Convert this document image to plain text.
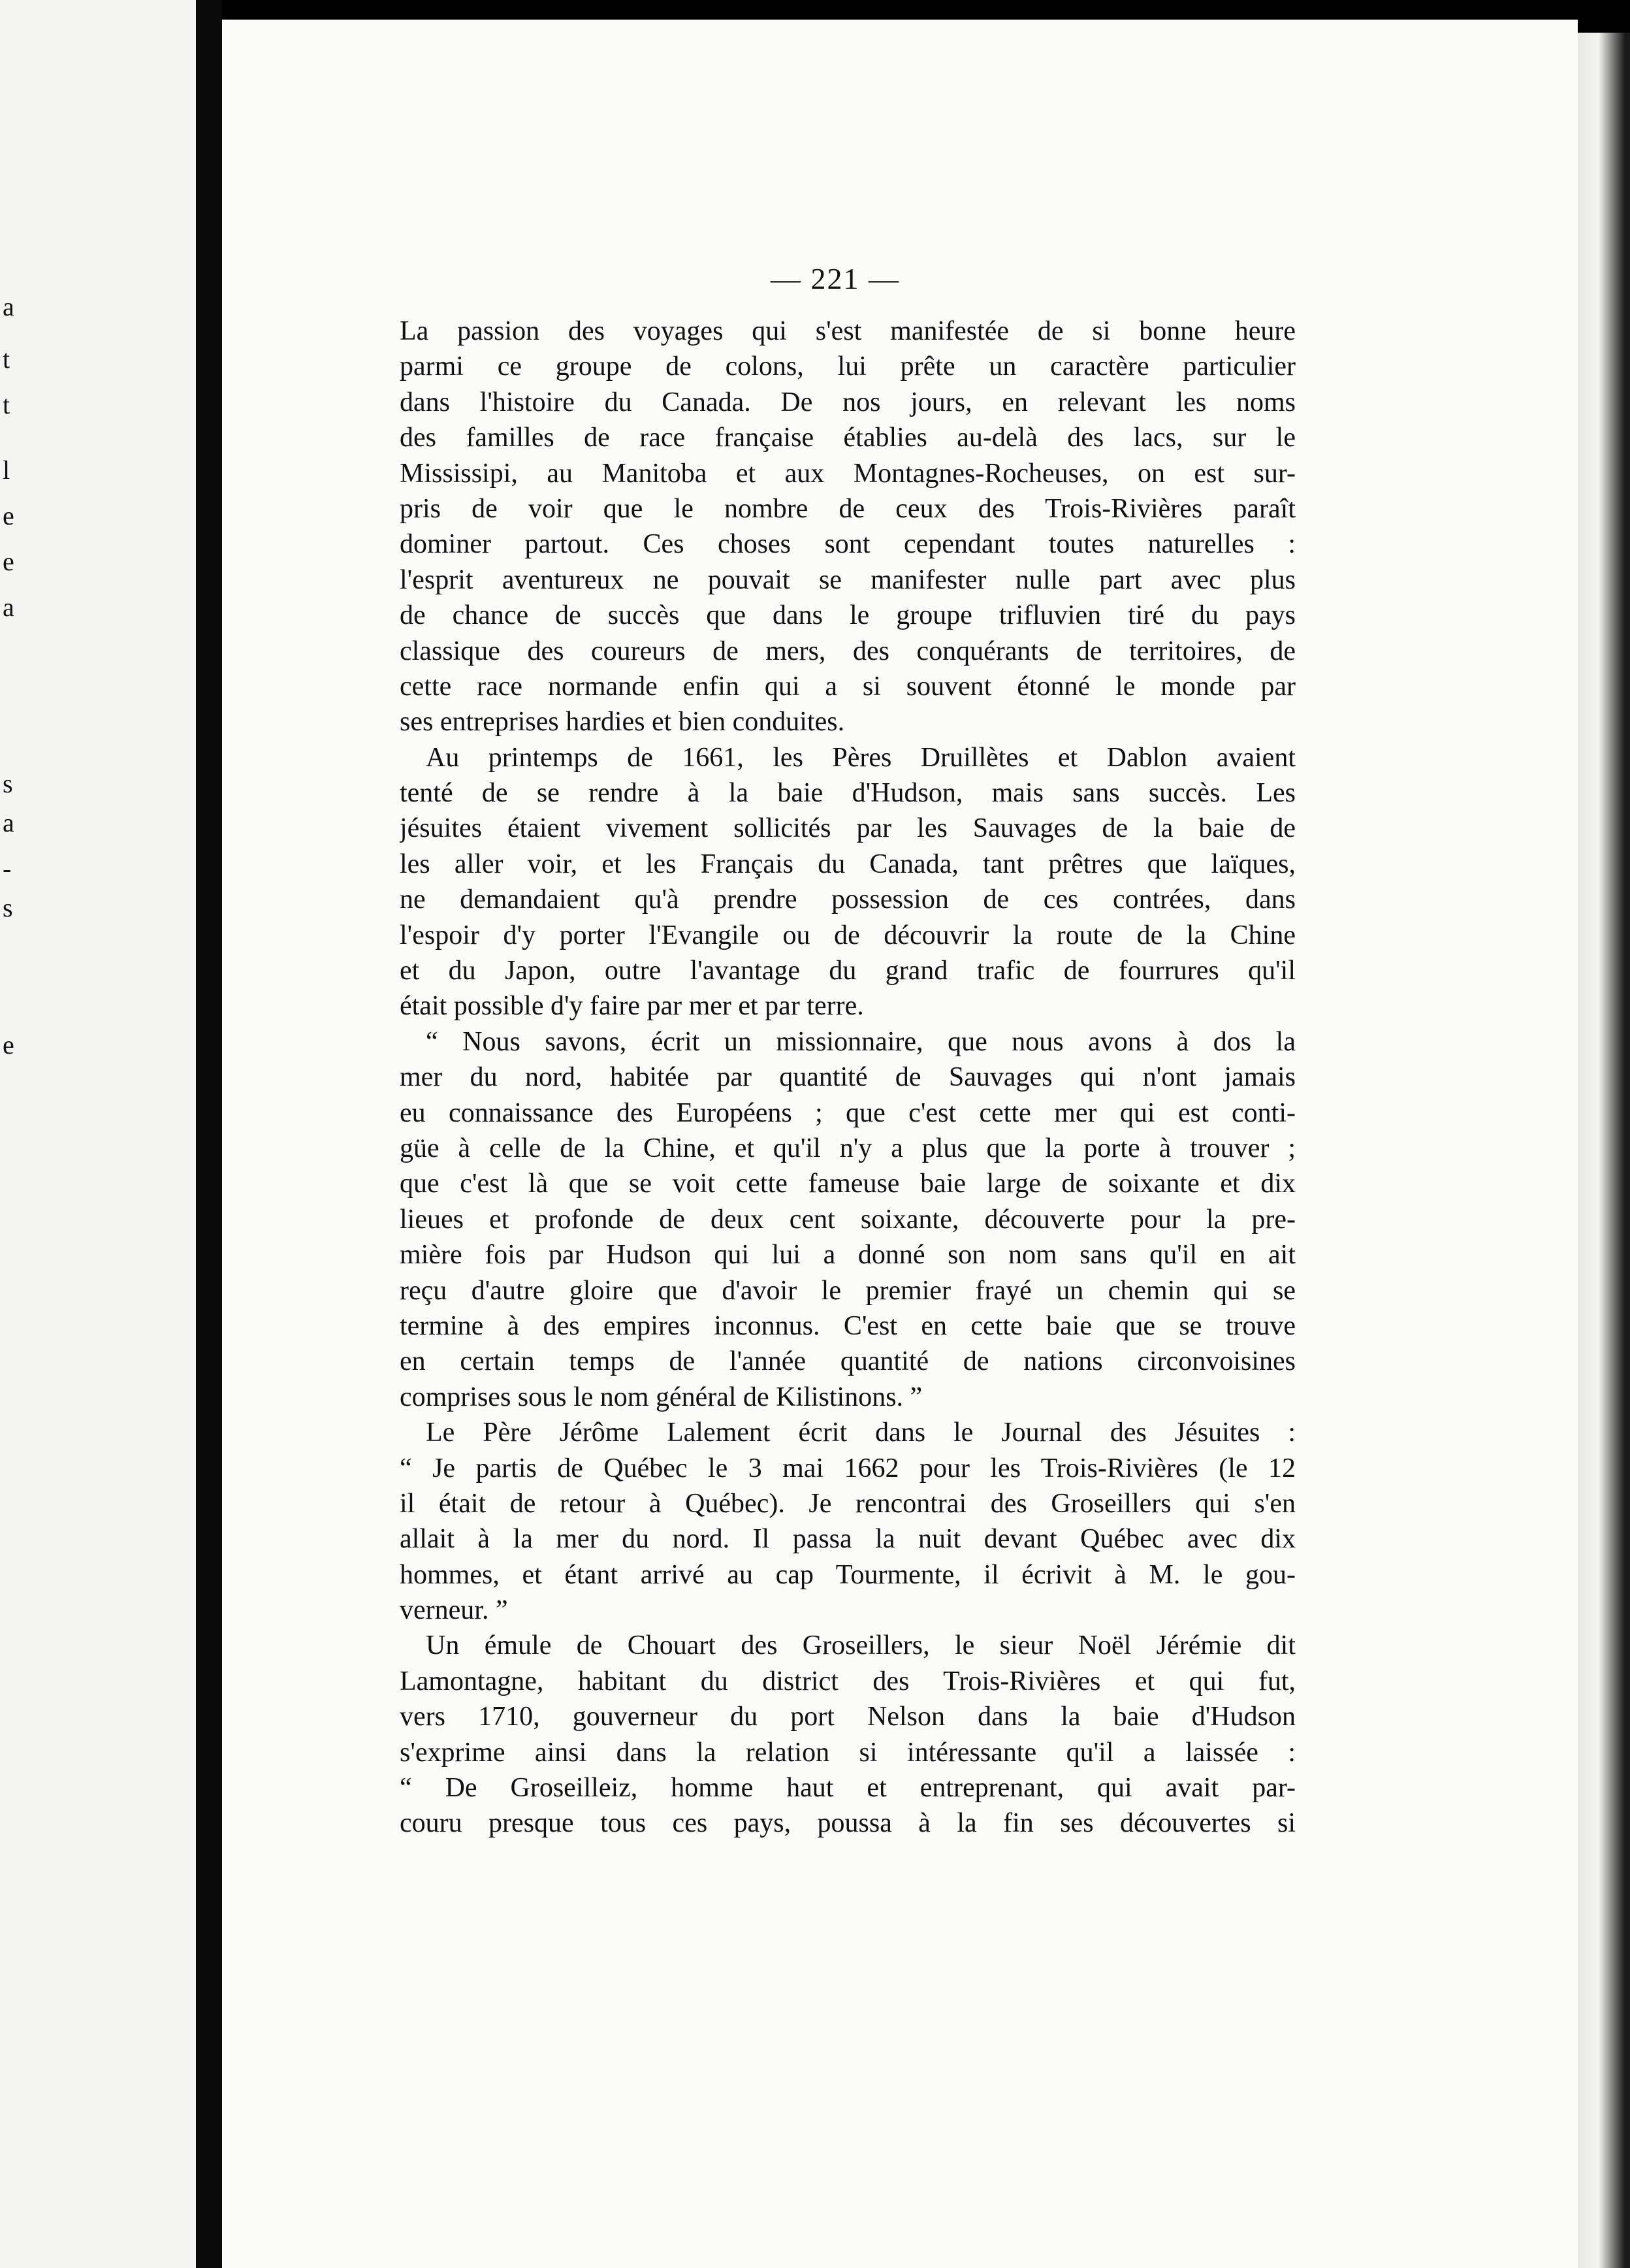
a
t
t
l
e
e
a
s
a
-
s
e
— 221 —
La passion des voyages qui s'est manifestée de si bonne heure
parmi ce groupe de colons, lui prête un caractère particulier
dans l'histoire du Canada. De nos jours, en relevant les noms
des familles de race française établies au-delà des lacs, sur le
Mississipi, au Manitoba et aux Montagnes-Rocheuses, on est sur-
pris de voir que le nombre de ceux des Trois-Rivières paraît
dominer partout. Ces choses sont cependant toutes naturelles :
l'esprit aventureux ne pouvait se manifester nulle part avec plus
de chance de succès que dans le groupe trifluvien tiré du pays
classique des coureurs de mers, des conquérants de territoires, de
cette race normande enfin qui a si souvent étonné le monde par
ses entreprises hardies et bien conduites.
Au printemps de 1661, les Pères Druillètes et Dablon avaient
tenté de se rendre à la baie d'Hudson, mais sans succès. Les
jésuites étaient vivement sollicités par les Sauvages de la baie de
les aller voir, et les Français du Canada, tant prêtres que laïques,
ne demandaient qu'à prendre possession de ces contrées, dans
l'espoir d'y porter l'Evangile ou de découvrir la route de la Chine
et du Japon, outre l'avantage du grand trafic de fourrures qu'il
était possible d'y faire par mer et par terre.
“ Nous savons, écrit un missionnaire, que nous avons à dos la
mer du nord, habitée par quantité de Sauvages qui n'ont jamais
eu connaissance des Européens ; que c'est cette mer qui est conti-
güe à celle de la Chine, et qu'il n'y a plus que la porte à trouver ;
que c'est là que se voit cette fameuse baie large de soixante et dix
lieues et profonde de deux cent soixante, découverte pour la pre-
mière fois par Hudson qui lui a donné son nom sans qu'il en ait
reçu d'autre gloire que d'avoir le premier frayé un chemin qui se
termine à des empires inconnus. C'est en cette baie que se trouve
en certain temps de l'année quantité de nations circonvoisines
comprises sous le nom général de Kilistinons. ”
Le Père Jérôme Lalement écrit dans le Journal des Jésuites :
“ Je partis de Québec le 3 mai 1662 pour les Trois-Rivières (le 12
il était de retour à Québec). Je rencontrai des Groseillers qui s'en
allait à la mer du nord. Il passa la nuit devant Québec avec dix
hommes, et étant arrivé au cap Tourmente, il écrivit à M. le gou-
verneur. ”
Un émule de Chouart des Groseillers, le sieur Noël Jérémie dit
Lamontagne, habitant du district des Trois-Rivières et qui fut,
vers 1710, gouverneur du port Nelson dans la baie d'Hudson
s'exprime ainsi dans la relation si intéressante qu'il a laissée :
“ De Groseilleiz, homme haut et entreprenant, qui avait par-
couru presque tous ces pays, poussa à la fin ses découvertes si
